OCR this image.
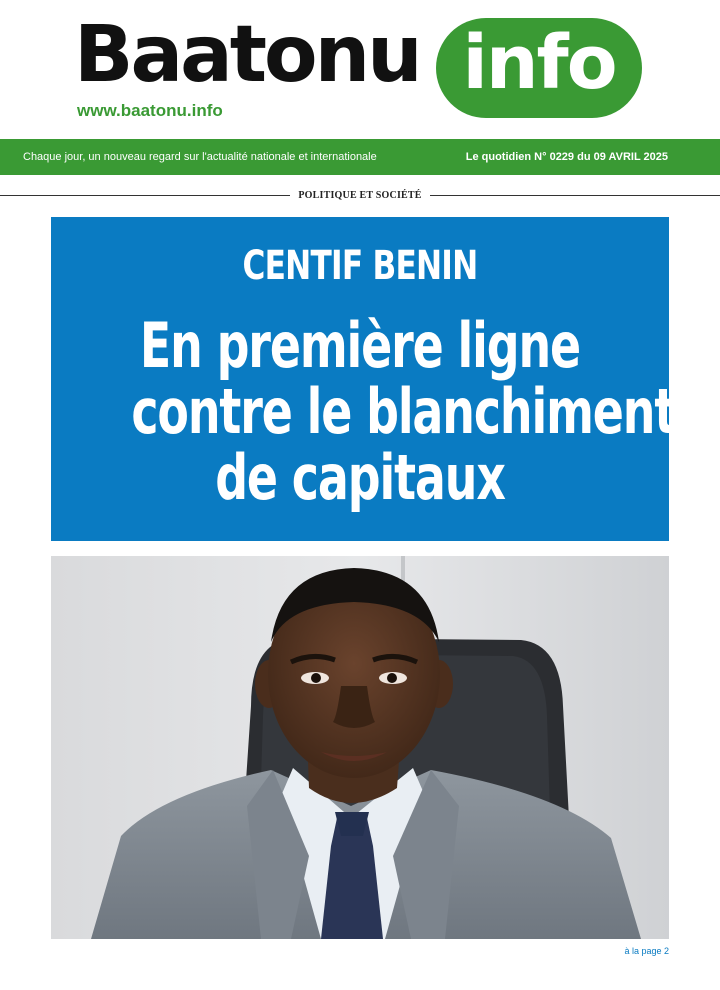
Baatonu info
www.baatonu.info
Chaque jour, un nouveau regard sur l'actualité nationale et internationale	Le quotidien N° 0229 du 09 AVRIL 2025
POLITIQUE ET SOCIÉTÉ
CENTIF BENIN
En première ligne
contre le blanchiment
de capitaux
à la page 2
